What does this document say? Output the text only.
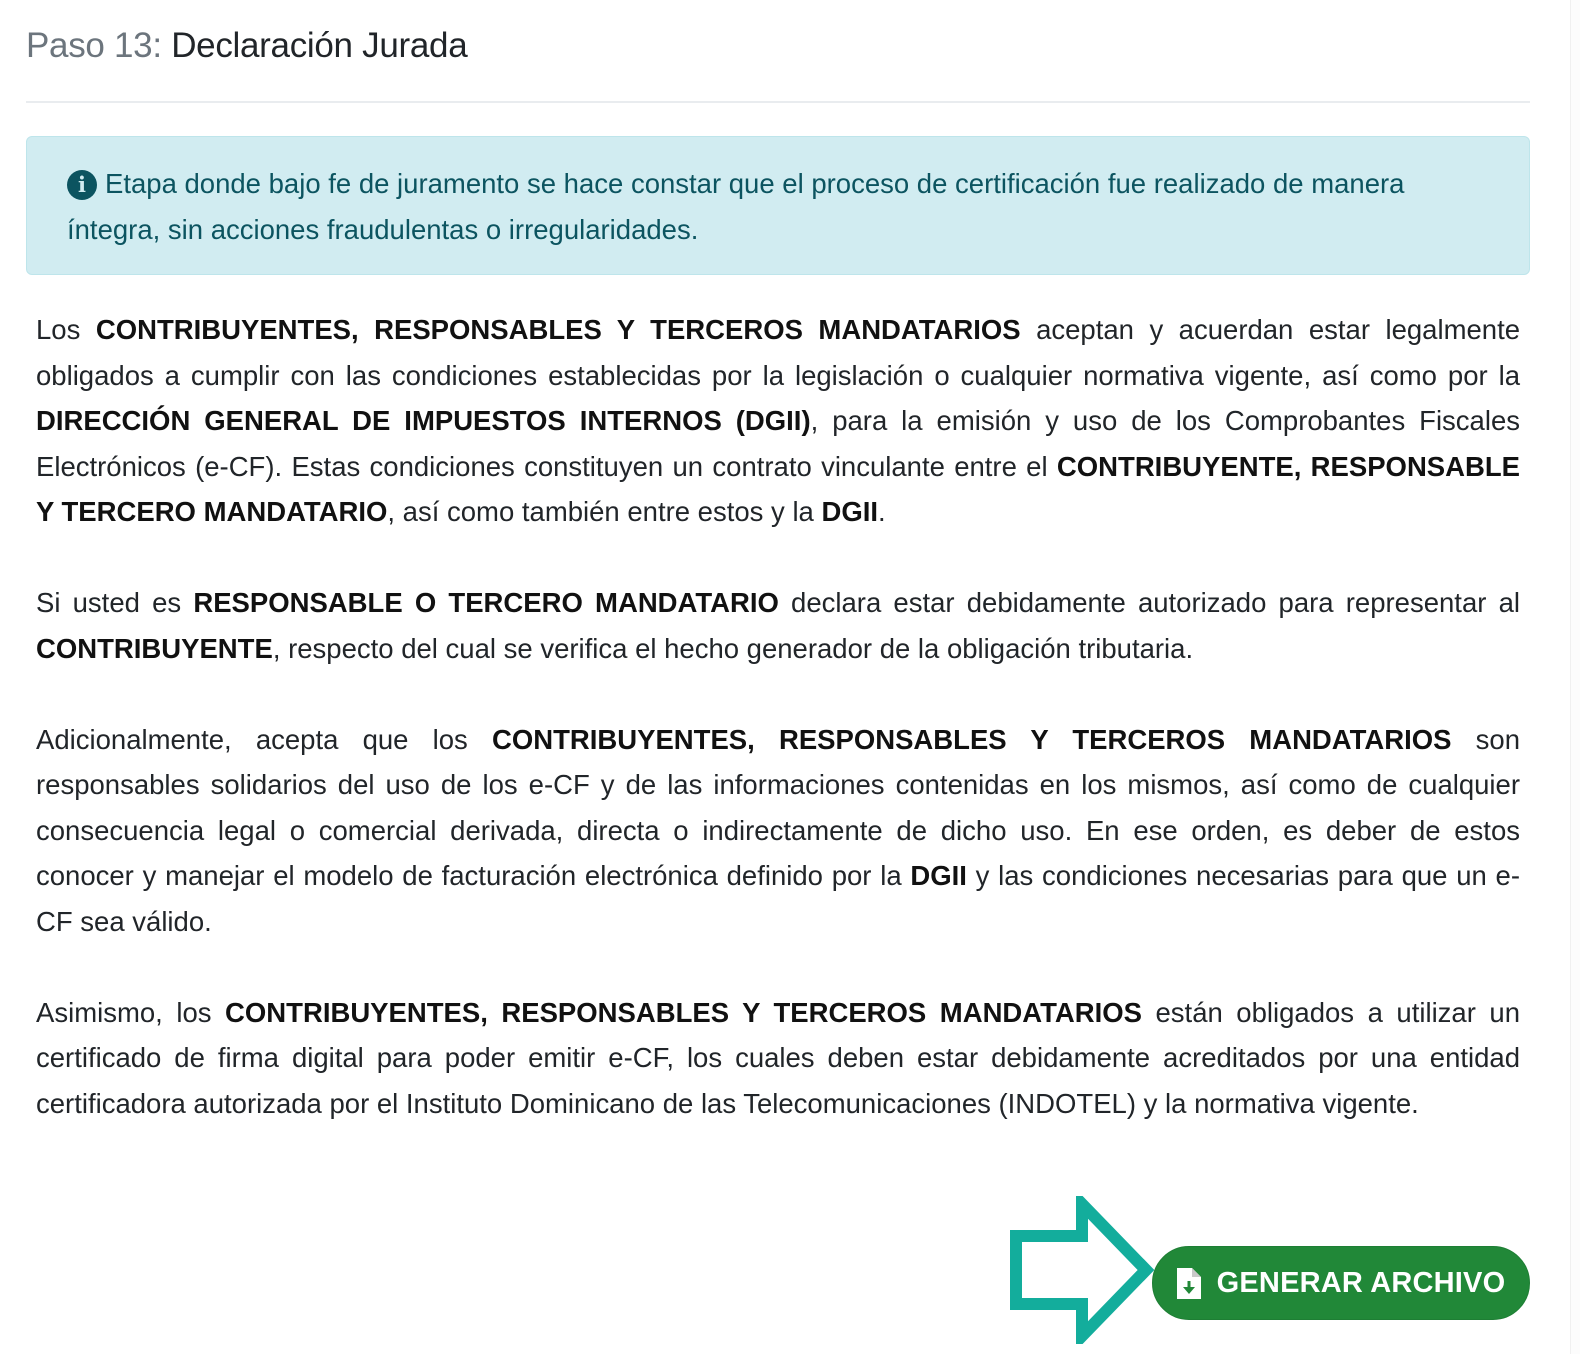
Paso 13: Declaración Jurada
i Etapa donde bajo fe de juramento se hace constar que el proceso de certificación fue realizado de manera íntegra, sin acciones fraudulentas o irregularidades.

Los CONTRIBUYENTES, RESPONSABLES Y TERCEROS MANDATARIOS aceptan y acuerdan estar legalmente obligados a cumplir con las condiciones establecidas por la legislación o cualquier normativa vigente, así como por la DIRECCIÓN GENERAL DE IMPUESTOS INTERNOS (DGII), para la emisión y uso de los Comprobantes Fiscales Electrónicos (e-CF). Estas condiciones constituyen un contrato vinculante entre el CONTRIBUYENTE, RESPONSABLE Y TERCERO MANDATARIO, así como también entre estos y la DGII.

Si usted es RESPONSABLE O TERCERO MANDATARIO declara estar debidamente autorizado para representar al CONTRIBUYENTE, respecto del cual se verifica el hecho generador de la obligación tributaria.

Adicionalmente, acepta que los CONTRIBUYENTES, RESPONSABLES Y TERCEROS MANDATARIOS son responsables solidarios del uso de los e-CF y de las informaciones contenidas en los mismos, así como de cualquier consecuencia legal o comercial derivada, directa o indirectamente de dicho uso. En ese orden, es deber de estos conocer y manejar el modelo de facturación electrónica definido por la DGII y las condiciones necesarias para que un e-CF sea válido.

Asimismo, los CONTRIBUYENTES, RESPONSABLES Y TERCEROS MANDATARIOS están obligados a utilizar un certificado de firma digital para poder emitir e-CF, los cuales deben estar debidamente acreditados por una entidad certificadora autorizada por el Instituto Dominicano de las Telecomunicaciones (INDOTEL) y la normativa vigente.

GENERAR ARCHIVO
